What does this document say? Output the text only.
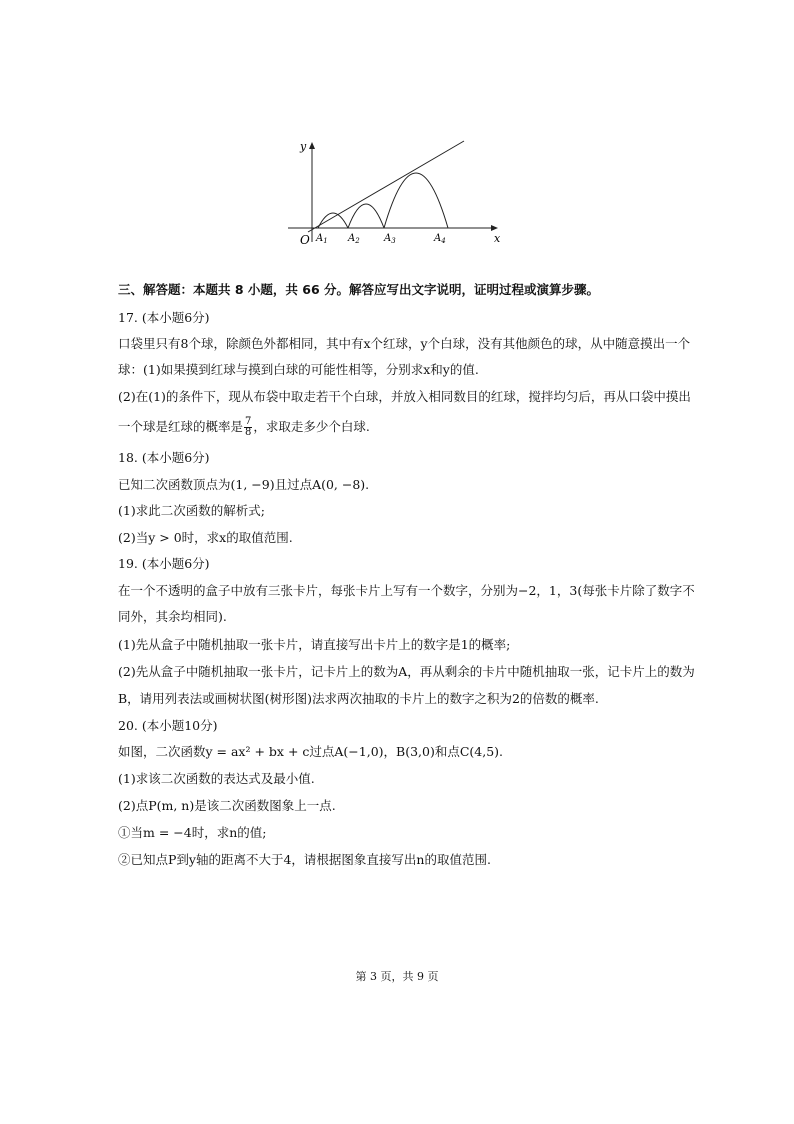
y
x
O $A_1$ $A_2$ $A_3$	$A_4$
三、解答题：本题共 8 小题，共 66 分。解答应写出文字说明，证明过程或演算步骤。
17. (本小题6分)
口袋里只有8个球，除颜色外都相同，其中有x个红球，y个白球，没有其他颜色的球，从中随意摸出一个
球：(1)如果摸到红球与摸到白球的可能性相等，分别求x和y的值.
(2)在(1)的条件下，现从布袋中取走若干个白球，并放入相同数目的红球，搅拌均匀后，再从口袋中摸出
一个球是红球的概率是 $\frac{7}{8}$ ，求取走多少个白球.
18. (本小题6分)
已知二次函数顶点为(1, −9)且过点A(0, −8).
(1)求此二次函数的解析式;
(2)当y > 0时，求x的取值范围.
19. (本小题6分)
在一个不透明的盒子中放有三张卡片，每张卡片上写有一个数字，分别为−2，1，3(每张卡片除了数字不
同外，其余均相同).
(1)先从盒子中随机抽取一张卡片，请直接写出卡片上的数字是1的概率;
(2)先从盒子中随机抽取一张卡片，记卡片上的数为A，再从剩余的卡片中随机抽取一张，记卡片上的数为
B，请用列表法或画树状图(树形图)法求两次抽取的卡片上的数字之积为2的倍数的概率.
20. (本小题10分)
如图，二次函数y = ax² + bx + c过点A(−1,0)，B(3,0)和点C(4,5).
(1)求该二次函数的表达式及最小值.
(2)点P(m, n)是该二次函数图象上一点.
①当m = −4时，求n的值;
②已知点P到y轴的距离不大于4，请根据图象直接写出n的取值范围.
第 3 页，共 9 页
